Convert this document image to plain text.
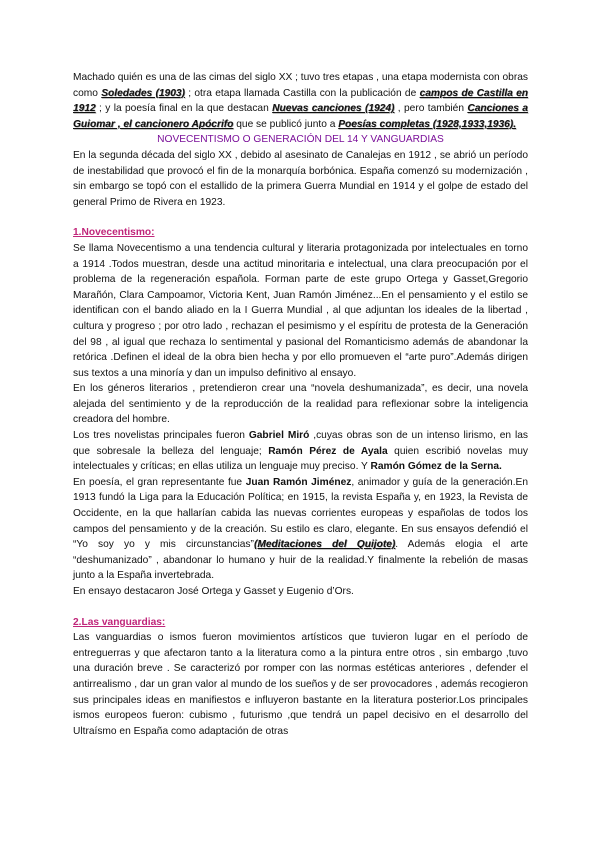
Machado quién es una de las cimas del siglo XX ; tuvo tres etapas , una etapa modernista con obras como Soledades (1903) ; otra etapa llamada Castilla con la publicación de campos de Castilla en 1912 ; y la poesía final en la que destacan Nuevas canciones (1924) , pero también Canciones a Guiomar , el cancionero Apócrifo que se publicó junto a Poesías completas (1928,1933,1936).

NOVECENTISMO O GENERACIÓN DEL 14 Y VANGUARDIAS

En la segunda década del siglo XX , debido al asesinato de Canalejas en 1912 , se abrió un período de inestabilidad que provocó el fin de la monarquía borbónica. España comenzó su modernización , sin embargo se topó con el estallido de la primera Guerra Mundial en 1914 y el golpe de estado del general Primo de Rivera en 1923.

1.Novecentismo:

Se llama Novecentismo a una tendencia cultural y literaria protagonizada por intelectuales en torno a 1914 .Todos muestran, desde una actitud minoritaria e intelectual, una clara preocupación por el problema de la regeneración española. Forman parte de este grupo Ortega y Gasset,Gregorio Marañón, Clara Campoamor, Victoria Kent, Juan Ramón Jiménez...En el pensamiento y el estilo se identifican con el bando aliado en la I Guerra Mundial , al que adjuntan los ideales de la libertad , cultura y progreso ; por otro lado , rechazan el pesimismo y el espíritu de protesta de la Generación del 98 , al igual que rechaza lo sentimental y pasional del Romanticismo además de abandonar la retórica .Definen el ideal de la obra bien hecha y por ello promueven el “arte puro”.Además dirigen sus textos a una minoría y dan un impulso definitivo al ensayo.

En los géneros literarios , pretendieron crear una “novela deshumanizada”, es decir, una novela alejada del sentimiento y de la reproducción de la realidad para reflexionar sobre la inteligencia creadora del hombre.

Los tres novelistas principales fueron Gabriel Miró ,cuyas obras son de un intenso lirismo, en las que sobresale la belleza del lenguaje; Ramón Pérez de Ayala quien escribió novelas muy intelectuales y críticas; en ellas utiliza un lenguaje muy preciso. Y Ramón Gómez de la Serna.

En poesía, el gran representante fue Juan Ramón Jiménez, animador y guía de la generación.En 1913 fundó la Liga para la Educación Política; en 1915, la revista España y, en 1923, la Revista de Occidente, en la que hallarían cabida las nuevas corrientes europeas y españolas de todos los campos del pensamiento y de la creación. Su estilo es claro, elegante. En sus ensayos defendió el “Yo soy yo y mis circunstancias”(Meditaciones del Quijote). Además elogia el arte “deshumanizado” , abandonar lo humano y huir de la realidad.Y finalmente la rebelión de masas junto a la España invertebrada.

En ensayo destacaron José Ortega y Gasset y Eugenio d’Ors.

2.Las vanguardias:

Las vanguardias o ismos fueron movimientos artísticos que tuvieron lugar en el período de entreguerras y que afectaron tanto a la literatura como a la pintura entre otros , sin embargo ,tuvo una duración breve . Se caracterizó por romper con las normas estéticas anteriores , defender el antirrealismo , dar un gran valor al mundo de los sueños y de ser provocadores , además recogieron sus principales ideas en manifiestos e influyeron bastante en la literatura posterior.Los principales ismos europeos fueron: cubismo , futurismo ,que tendrá un papel decisivo en el desarrollo del Ultraísmo en España como adaptación de otras
